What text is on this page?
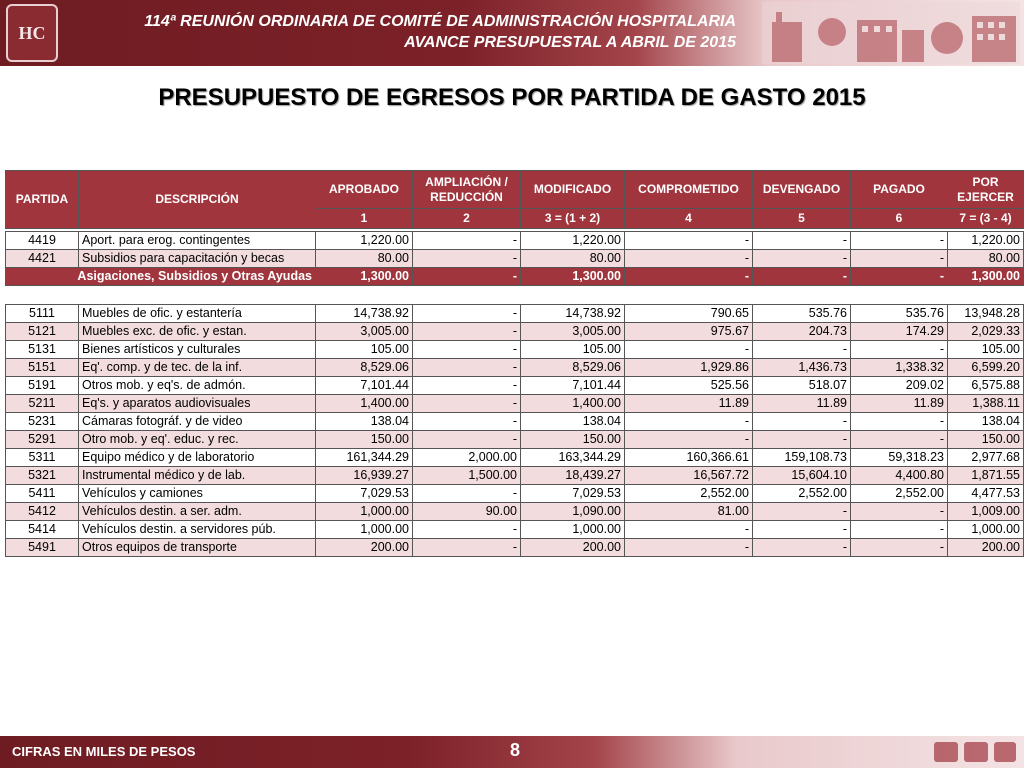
HC
114ª REUNIÓN ORDINARIA DE COMITÉ DE ADMINISTRACIÓN HOSPITALARIA
AVANCE PRESUPUESTAL A ABRIL DE 2015
PRESUPUESTO DE EGRESOS POR PARTIDA DE GASTO 2015
PARTIDA	DESCRIPCIÓN	APROBADO	AMPLIACIÓN /
REDUCCIÓN	MODIFICADO	COMPROMETIDO	DEVENGADO	PAGADO	POR
EJERCER
		1	2	3 = (1 + 2)	4	5	6	7 = (3 - 4)
4419	Aport. para erog. contingentes	1,220.00	-	1,220.00	-	-	-	1,220.00
4421	Subsidios para capacitación y becas	80.00	-	80.00	-	-	-	80.00
Asigaciones, Subsidios y Otras Ayudas		1,300.00	-	1,300.00	-	-	-	1,300.00
5111	Muebles de ofic. y estantería	14,738.92	-	14,738.92	790.65	535.76	535.76	13,948.28
5121	Muebles exc. de ofic. y estan.	3,005.00	-	3,005.00	975.67	204.73	174.29	2,029.33
5131	Bienes artísticos y culturales	105.00	-	105.00	-	-	-	105.00
5151	Eq'. comp. y de tec. de la inf.	8,529.06	-	8,529.06	1,929.86	1,436.73	1,338.32	6,599.20
5191	Otros mob. y eq's. de admón.	7,101.44	-	7,101.44	525.56	518.07	209.02	6,575.88
5211	Eq's. y aparatos audiovisuales	1,400.00	-	1,400.00	11.89	11.89	11.89	1,388.11
5231	Cámaras fotográf. y de video	138.04	-	138.04	-	-	-	138.04
5291	Otro mob. y eq'. educ. y rec.	150.00	-	150.00	-	-	-	150.00
5311	Equipo médico y de laboratorio	161,344.29	2,000.00	163,344.29	160,366.61	159,108.73	59,318.23	2,977.68
5321	Instrumental médico y de lab.	16,939.27	1,500.00	18,439.27	16,567.72	15,604.10	4,400.80	1,871.55
5411	Vehículos y camiones	7,029.53	-	7,029.53	2,552.00	2,552.00	2,552.00	4,477.53
5412	Vehículos destin. a ser. adm.	1,000.00	90.00	1,090.00	81.00	-	-	1,009.00
5414	Vehículos destin. a servidores púb.	1,000.00	-	1,000.00	-	-	-	1,000.00
5491	Otros equipos de transporte	200.00	-	200.00	-	-	-	200.00
CIFRAS EN MILES DE PESOS	8
